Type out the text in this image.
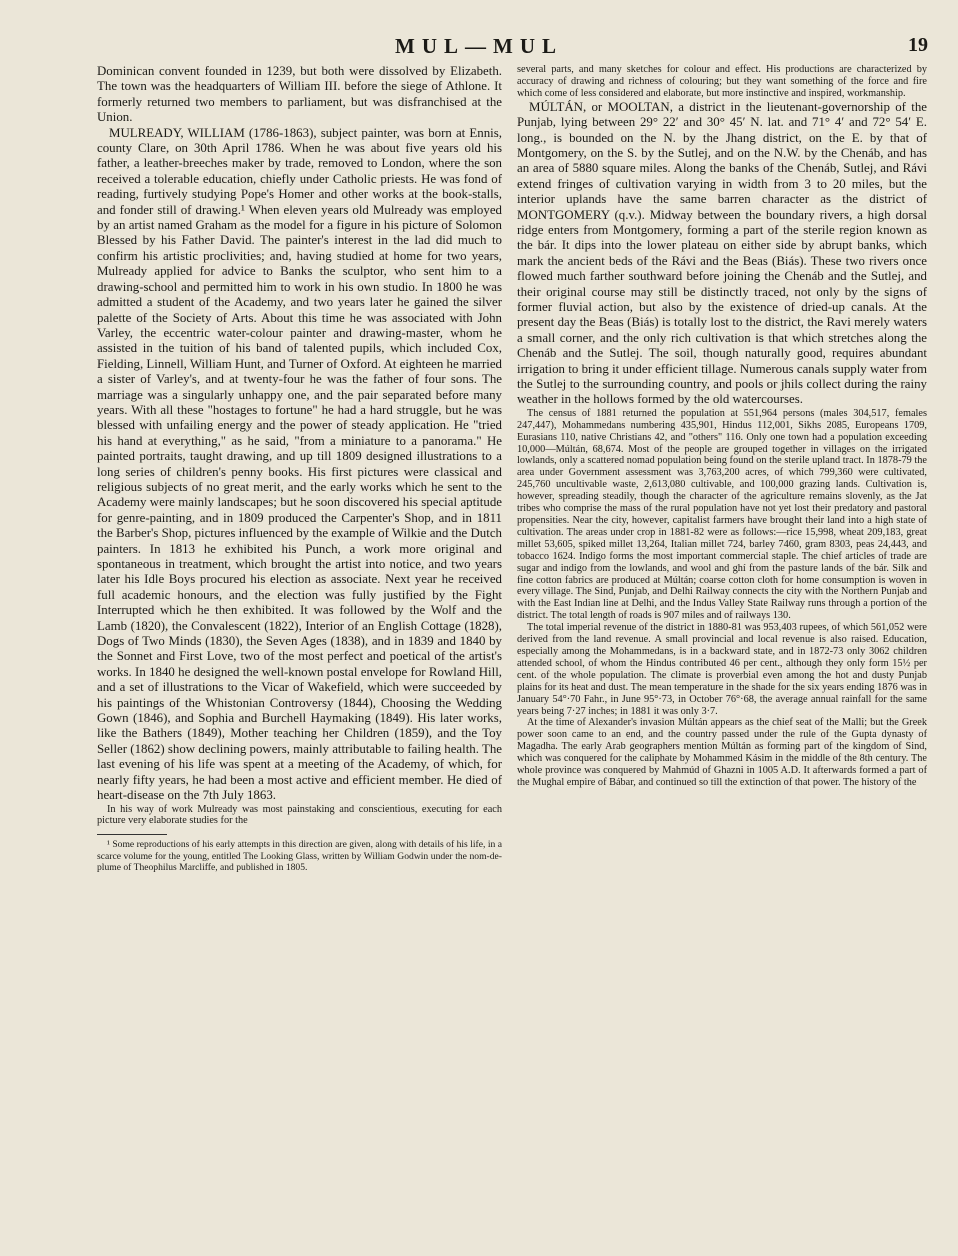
MUL—MUL	19

Dominican convent founded in 1239, but both were dissolved by Elizabeth. The town was the headquarters of William III. before the siege of Athlone. It formerly returned two members to parliament, but was disfranchised at the Union.

MULREADY, WILLIAM (1786-1863), subject painter, was born at Ennis, county Clare, on 30th April 1786. When he was about five years old his father, a leather-breeches maker by trade, removed to London, where the son received a tolerable education, chiefly under Catholic priests. He was fond of reading, furtively studying Pope's Homer and other works at the book-stalls, and fonder still of drawing.¹ When eleven years old Mulready was employed by an artist named Graham as the model for a figure in his picture of Solomon Blessed by his Father David. The painter's interest in the lad did much to confirm his artistic proclivities; and, having studied at home for two years, Mulready applied for advice to Banks the sculptor, who sent him to a drawing-school and permitted him to work in his own studio. In 1800 he was admitted a student of the Academy, and two years later he gained the silver palette of the Society of Arts. About this time he was associated with John Varley, the eccentric water-colour painter and drawing-master, whom he assisted in the tuition of his band of talented pupils, which included Cox, Fielding, Linnell, William Hunt, and Turner of Oxford. At eighteen he married a sister of Varley's, and at twenty-four he was the father of four sons. The marriage was a singularly unhappy one, and the pair separated before many years. With all these "hostages to fortune" he had a hard struggle, but he was blessed with unfailing energy and the power of steady application. He "tried his hand at everything," as he said, "from a miniature to a panorama." He painted portraits, taught drawing, and up till 1809 designed illustrations to a long series of children's penny books. His first pictures were classical and religious subjects of no great merit, and the early works which he sent to the Academy were mainly landscapes; but he soon discovered his special aptitude for genre-painting, and in 1809 produced the Carpenter's Shop, and in 1811 the Barber's Shop, pictures influenced by the example of Wilkie and the Dutch painters. In 1813 he exhibited his Punch, a work more original and spontaneous in treatment, which brought the artist into notice, and two years later his Idle Boys procured his election as associate. Next year he received full academic honours, and the election was fully justified by the Fight Interrupted which he then exhibited. It was followed by the Wolf and the Lamb (1820), the Convalescent (1822), Interior of an English Cottage (1828), Dogs of Two Minds (1830), the Seven Ages (1838), and in 1839 and 1840 by the Sonnet and First Love, two of the most perfect and poetical of the artist's works. In 1840 he designed the well-known postal envelope for Rowland Hill, and a set of illustrations to the Vicar of Wakefield, which were succeeded by his paintings of the Whistonian Controversy (1844), Choosing the Wedding Gown (1846), and Sophia and Burchell Haymaking (1849). His later works, like the Bathers (1849), Mother teaching her Children (1859), and the Toy Seller (1862) show declining powers, mainly attributable to failing health. The last evening of his life was spent at a meeting of the Academy, of which, for nearly fifty years, he had been a most active and efficient member. He died of heart-disease on the 7th July 1863.

In his way of work Mulready was most painstaking and conscientious, executing for each picture very elaborate studies for the

¹ Some reproductions of his early attempts in this direction are given, along with details of his life, in a scarce volume for the young, entitled The Looking Glass, written by William Godwin under the nom-de-plume of Theophilus Marcliffe, and published in 1805.

several parts, and many sketches for colour and effect. His productions are characterized by accuracy of drawing and richness of colouring; but they want something of the force and fire which come of less considered and elaborate, but more instinctive and inspired, workmanship.

MÚLTÁN, or MOOLTAN, a district in the lieutenant-governorship of the Punjab, lying between 29° 22′ and 30° 45′ N. lat. and 71° 4′ and 72° 54′ E. long., is bounded on the N. by the Jhang district, on the E. by that of Montgomery, on the S. by the Sutlej, and on the N.W. by the Chenáb, and has an area of 5880 square miles. Along the banks of the Chenáb, Sutlej, and Rávi extend fringes of cultivation varying in width from 3 to 20 miles, but the interior uplands have the same barren character as the district of MONTGOMERY (q.v.). Midway between the boundary rivers, a high dorsal ridge enters from Montgomery, forming a part of the sterile region known as the bár. It dips into the lower plateau on either side by abrupt banks, which mark the ancient beds of the Rávi and the Beas (Biás). These two rivers once flowed much farther southward before joining the Chenáb and the Sutlej, and their original course may still be distinctly traced, not only by the signs of former fluvial action, but also by the existence of dried-up canals. At the present day the Beas (Biás) is totally lost to the district, the Ravi merely waters a small corner, and the only rich cultivation is that which stretches along the Chenáb and the Sutlej. The soil, though naturally good, requires abundant irrigation to bring it under efficient tillage. Numerous canals supply water from the Sutlej to the surrounding country, and pools or jhils collect during the rainy weather in the hollows formed by the old watercourses.

The census of 1881 returned the population at 551,964 persons (males 304,517, females 247,447), Mohammedans numbering 435,901, Hindus 112,001, Sikhs 2085, Europeans 1709, Eurasians 110, native Christians 42, and "others" 116. Only one town had a population exceeding 10,000—Múltán, 68,674. Most of the people are grouped together in villages on the irrigated lowlands, only a scattered nomad population being found on the sterile upland tract. In 1878-79 the area under Government assessment was 3,763,200 acres, of which 799,360 were cultivated, 245,760 uncultivable waste, 2,613,080 cultivable, and 100,000 grazing lands. Cultivation is, however, spreading steadily, though the character of the agriculture remains slovenly, as the Jat tribes who comprise the mass of the rural population have not yet lost their predatory and pastoral propensities. Near the city, however, capitalist farmers have brought their land into a high state of cultivation. The areas under crop in 1881-82 were as follows:—rice 15,998, wheat 209,183, great millet 53,605, spiked millet 13,264, Italian millet 724, barley 7460, gram 8303, peas 24,443, and tobacco 1624. Indigo forms the most important commercial staple. The chief articles of trade are sugar and indigo from the lowlands, and wool and ghí from the pasture lands of the bár. Silk and fine cotton fabrics are produced at Múltán; coarse cotton cloth for home consumption is woven in every village. The Sind, Punjab, and Delhi Railway connects the city with the Northern Punjab and with the East Indian line at Delhi, and the Indus Valley State Railway runs through a portion of the district. The total length of roads is 907 miles and of railways 130.

The total imperial revenue of the district in 1880-81 was 953,403 rupees, of which 561,052 were derived from the land revenue. A small provincial and local revenue is also raised. Education, especially among the Mohammedans, is in a backward state, and in 1872-73 only 3062 children attended school, of whom the Hindus contributed 46 per cent., although they only form 15½ per cent. of the whole population. The climate is proverbial even among the hot and dusty Punjab plains for its heat and dust. The mean temperature in the shade for the six years ending 1876 was in January 54°·70 Fahr., in June 95°·73, in October 76°·68, the average annual rainfall for the same years being 7·27 inches; in 1881 it was only 3·7.

At the time of Alexander's invasion Múltán appears as the chief seat of the Malli; but the Greek power soon came to an end, and the country passed under the rule of the Gupta dynasty of Magadha. The early Arab geographers mention Múltán as forming part of the kingdom of Sind, which was conquered for the caliphate by Mohammed Kásim in the middle of the 8th century. The whole province was conquered by Mahmúd of Ghazni in 1005 A.D. It afterwards formed a part of the Mughal empire of Bábar, and continued so till the extinction of that power. The history of the
